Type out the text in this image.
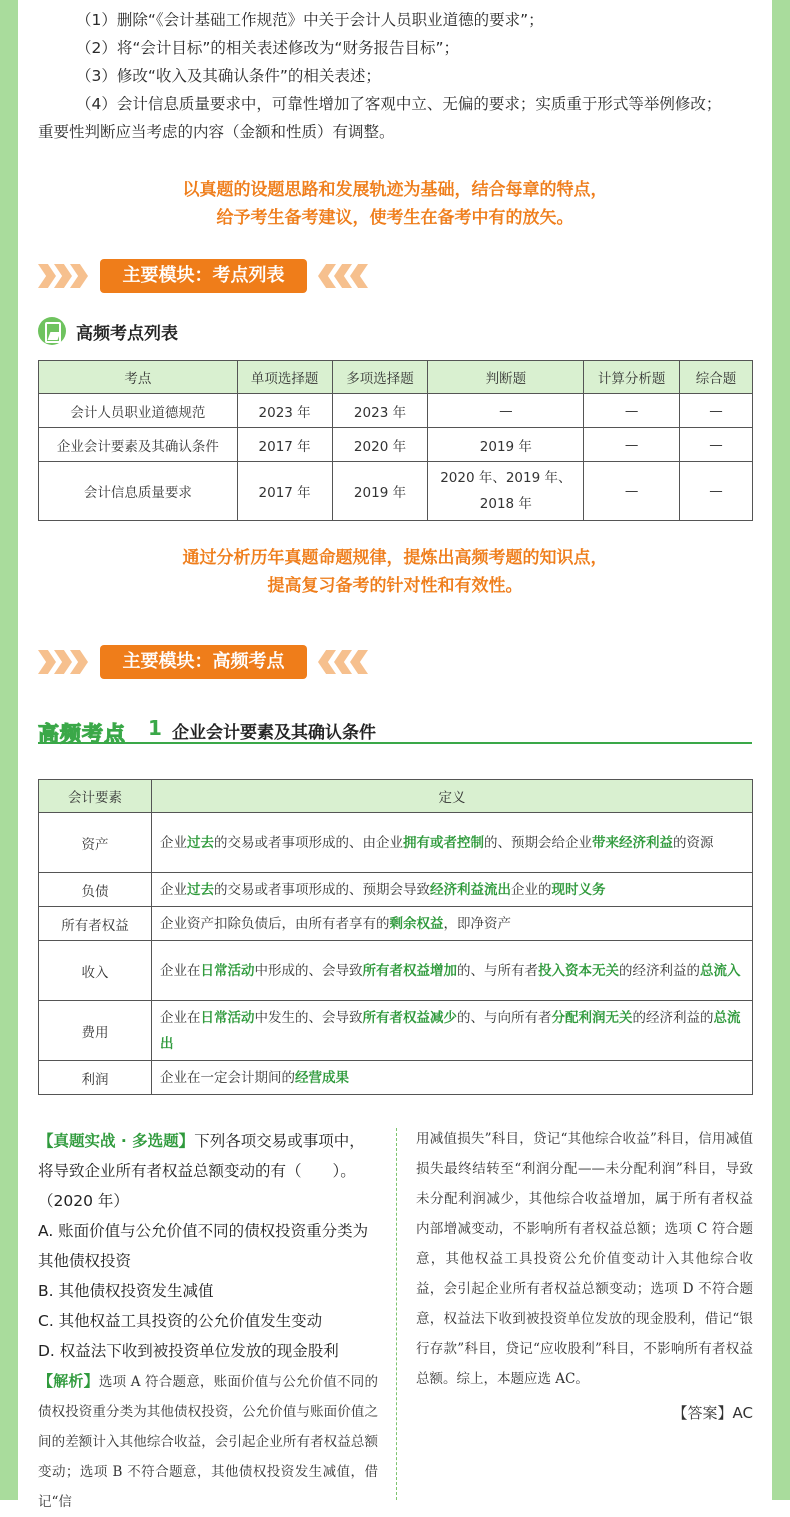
（1）删除“《会计基础工作规范》中关于会计人员职业道德的要求”；

（2）将“会计目标”的相关表述修改为“财务报告目标”；

（3）修改“收入及其确认条件”的相关表述；

（4）会计信息质量要求中，可靠性增加了客观中立、无偏的要求；实质重于形式等举例修改；

重要性判断应当考虑的内容（金额和性质）有调整。

以真题的设题思路和发展轨迹为基础，结合每章的特点，
给予考生备考建议，使考生在备考中有的放矢。
主要模块：考点列表
高频考点列表
考点	单项选择题	多项选择题	判断题	计算分析题	综合题
会计人员职业道德规范	2023 年	2023 年	—	—	—
企业会计要素及其确认条件	2017 年	2020 年	2019 年	—	—
会计信息质量要求	2017 年	2019 年	2020 年、2019 年、
2018 年	—	—
通过分析历年真题命题规律，提炼出高频考题的知识点，
提高复习备考的针对性和有效性。
主要模块：高频考点
高频考点 1 企业会计要素及其确认条件
会计要素	定义
资产	企业过去的交易或者事项形成的、由企业拥有或者控制的、预期会给企业带来经济利益的资源
负债	企业过去的交易或者事项形成的、预期会导致经济利益流出企业的现时义务
所有者权益	企业资产扣除负债后，由所有者享有的剩余权益，即净资产
收入	企业在日常活动中形成的、会导致所有者权益增加的、与所有者投入资本无关的经济利益的总流入
费用	企业在日常活动中发生的、会导致所有者权益减少的、与向所有者分配利润无关的经济利益的总流出
利润	企业在一定会计期间的经营成果
【真题实战 · 多选题】下列各项交易或事项中，将导致企业所有者权益总额变动的有（　　）。（2020 年）
A. 账面价值与公允价值不同的债权投资重分类为其他债权投资
B. 其他债权投资发生减值
C. 其他权益工具投资的公允价值发生变动
D. 权益法下收到被投资单位发放的现金股利
【解析】选项 A 符合题意，账面价值与公允价值不同的债权投资重分类为其他债权投资，公允价值与账面价值之间的差额计入其他综合收益，会引起企业所有者权益总额变动；选项 B 不符合题意，其他债权投资发生减值，借记“信
用减值损失”科目，贷记“其他综合收益”科目，信用减值损失最终结转至“利润分配——未分配利润”科目，导致未分配利润减少，其他综合收益增加，属于所有者权益内部增减变动，不影响所有者权益总额；选项 C 符合题意，其他权益工具投资公允价值变动计入其他综合收益，会引起企业所有者权益总额变动；选项 D 不符合题意，权益法下收到被投资单位发放的现金股利，借记“银行存款”科目，贷记“应收股利”科目，不影响所有者权益总额。综上，本题应选 AC。
【答案】AC
